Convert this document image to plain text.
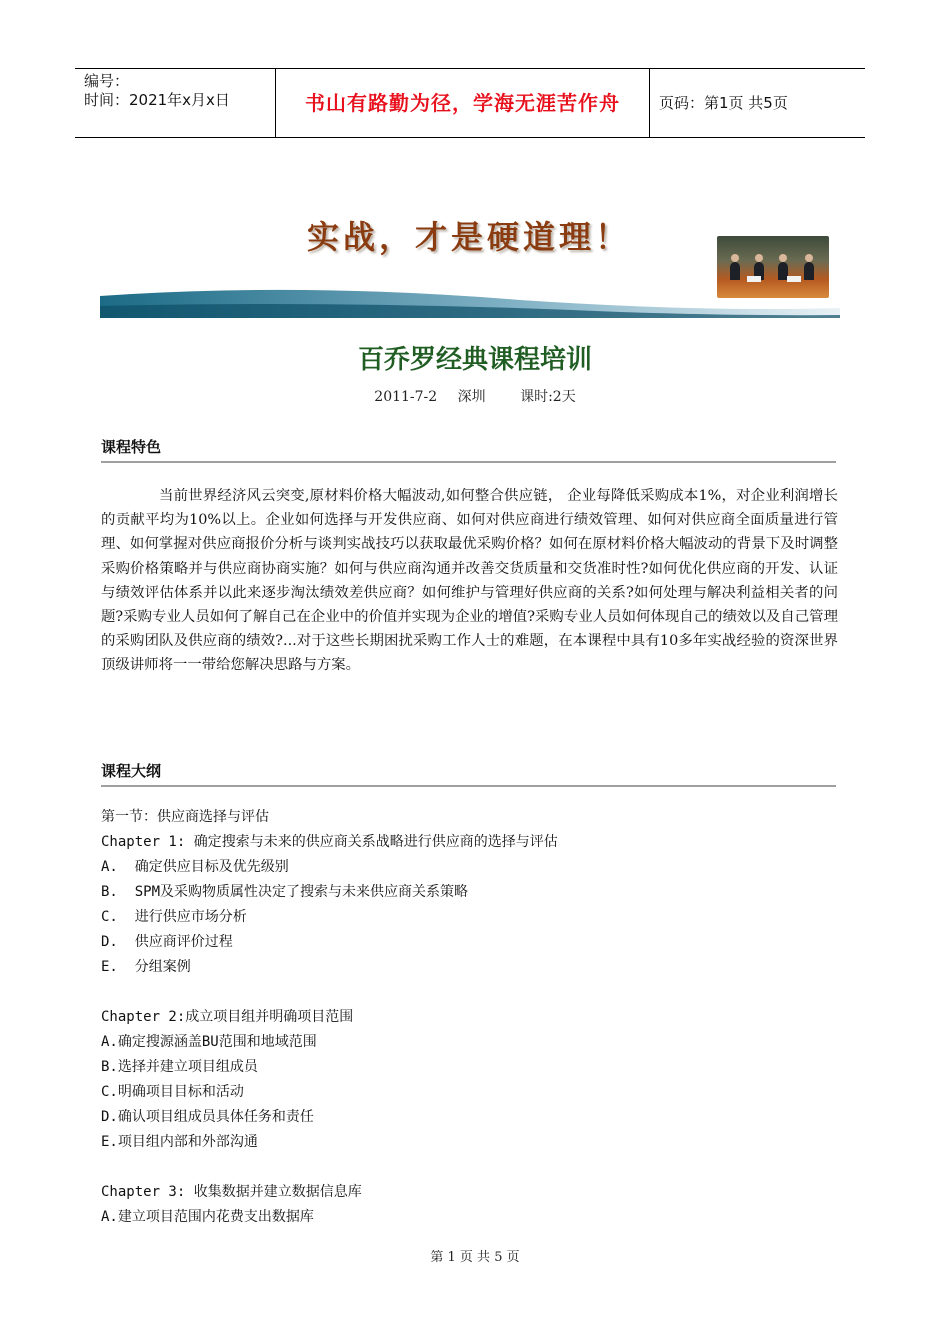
编号：
时间：2021年x月x日	书山有路勤为径，学海无涯苦作舟	页码：第1页 共5页
实战，才是硬道理！
百乔罗经典课程培训
2011-7-2 深圳 课时:2天
课程特色
当前世界经济风云突变,原材料价格大幅波动,如何整合供应链， 企业每降低采购成本1%，对企业利润增长的贡献平均为10%以上。企业如何选择与开发供应商、如何对供应商进行绩效管理、如何对供应商全面质量进行管理、如何掌握对供应商报价分析与谈判实战技巧以获取最优采购价格？如何在原材料价格大幅波动的背景下及时调整采购价格策略并与供应商协商实施？如何与供应商沟通并改善交货质量和交货准时性?如何优化供应商的开发、认证与绩效评估体系并以此来逐步淘汰绩效差供应商？如何维护与管理好供应商的关系?如何处理与解决利益相关者的问题?采购专业人员如何了解自己在企业中的价值并实现为企业的增值?采购专业人员如何体现自己的绩效以及自己管理的采购团队及供应商的绩效?...对于这些长期困扰采购工作人士的难题，在本课程中具有10多年实战经验的资深世界顶级讲师将一一带给您解决思路与方案。
课程大纲
第一节：供应商选择与评估
Chapter 1: 确定搜索与未来的供应商关系战略进行供应商的选择与评估
A.  确定供应目标及优先级别
B.  SPM及采购物质属性决定了搜索与未来供应商关系策略
C.  进行供应市场分析
D.  供应商评价过程
E.  分组案例
Chapter 2:成立项目组并明确项目范围
A.确定搜源涵盖BU范围和地域范围
B.选择并建立项目组成员
C.明确项目目标和活动
D.确认项目组成员具体任务和责任
E.项目组内部和外部沟通
Chapter 3: 收集数据并建立数据信息库
A.建立项目范围内花费支出数据库
第 1 页 共 5 页
